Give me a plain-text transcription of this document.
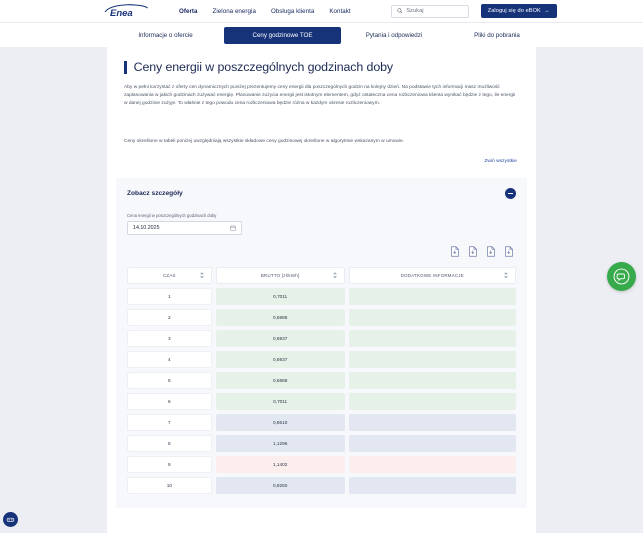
Enea	Oferta Zielona energia Obsługa klienta Kontakt	Szukaj	Zaloguj się do eBOK →
Informacje o ofercie	Ceny godzinowe TOE	Pytania i odpowiedzi	Pliki do pobrania
Ceny energii w poszczególnych godzinach doby
Aby w pełni korzystać z oferty cen dynamicznych poniżej prezentujemy ceny energii dla poszczególnych godzin na kolejny dzień. Na podstawie tych informacji masz możliwość zaplanowania w jakich godzinach zużywać energię. Planowanie zużycia energii jest istotnym elementem, gdyż ostateczna cena rozliczeniowa klienta wynikać będzie z tego, ile energii w danej godzinie zużyje. To właśnie z tego powodu cena rozliczeniowa będzie różna w każdym okresie rozliczeniowym.
Ceny określone w tabeli poniżej uwzględniają wszystkie składowe ceny godzinowej określone w algorytmie wskazanym w umowie.
Zwiń wszystkie
Zobacz szczegóły
Cena energii w poszczególnych godzinach doby
14.10.2025
CZAS	BRUTTO [zł/kWh]	DODATKOWE INFORMACJE
1	0,7011
2	0,6888
3	0,6937
4	0,6937
5	0,6888
6	0,7011
7	0,8610
8	1,1296
9	1,1402
10	0,9250
